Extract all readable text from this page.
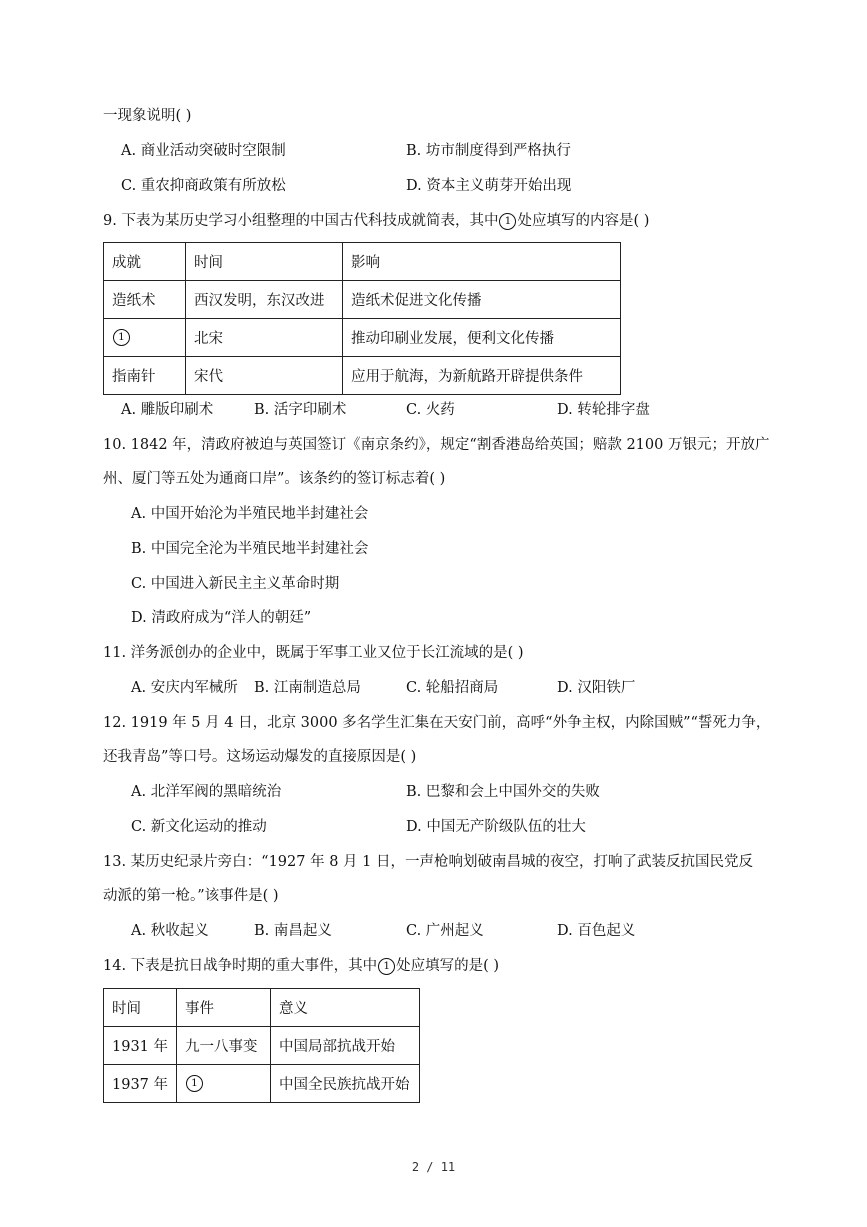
一现象说明( )
A. 商业活动突破时空限制	B. 坊市制度得到严格执行
C. 重农抑商政策有所放松	D. 资本主义萌芽开始出现
9. 下表为某历史学习小组整理的中国古代科技成就简表，其中 1 处应填写的内容是( )
成就	时间	影响
造纸术	西汉发明，东汉改进	造纸术促进文化传播
1	北宋	推动印刷业发展，便利文化传播
指南针	宋代	应用于航海，为新航路开辟提供条件
A. 雕版印刷术	B. 活字印刷术	C. 火药	D. 转轮排字盘
10. 1842 年，清政府被迫与英国签订《南京条约》，规定“割香港岛给英国；赔款 2100 万银元；开放广
州、厦门等五处为通商口岸”。该条约的签订标志着( )
A. 中国开始沦为半殖民地半封建社会
B. 中国完全沦为半殖民地半封建社会
C. 中国进入新民主主义革命时期
D. 清政府成为“洋人的朝廷”
11. 洋务派创办的企业中，既属于军事工业又位于长江流域的是( )
A. 安庆内军械所 B. 江南制造总局	C. 轮船招商局	D. 汉阳铁厂
12. 1919 年 5 月 4 日，北京 3000 多名学生汇集在天安门前，高呼“外争主权，内除国贼”“誓死力争，
还我青岛”等口号。这场运动爆发的直接原因是( )
A. 北洋军阀的黑暗统治	B. 巴黎和会上中国外交的失败
C. 新文化运动的推动	D. 中国无产阶级队伍的壮大
13. 某历史纪录片旁白：“1927 年 8 月 1 日，一声枪响划破南昌城的夜空，打响了武装反抗国民党反
动派的第一枪。”该事件是( )
A. 秋收起义	B. 南昌起义	C. 广州起义	D. 百色起义
14. 下表是抗日战争时期的重大事件，其中 1 处应填写的是( )
时间	事件	意义
1931 年	九一八事变	中国局部抗战开始
1937 年	1	中国全民族抗战开始
2 / 11
